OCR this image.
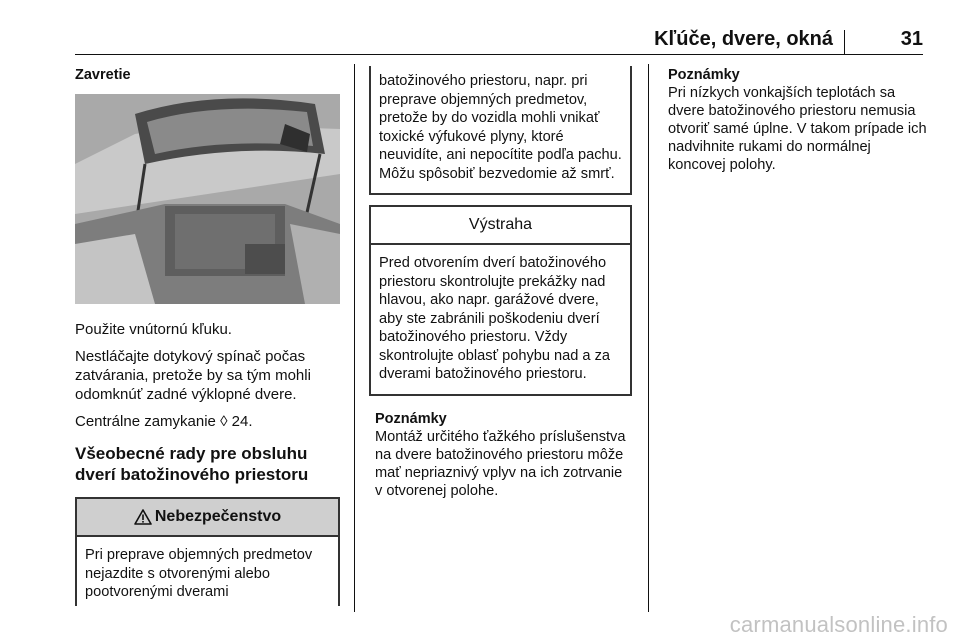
Kľúče, dvere, okná	31
Zavretie
Použite vnútornú kľuku.
Nestláčajte dotykový spínač počas zatvárania, pretože by sa tým mohli odomknúť zadné výklopné dvere.
Centrálne zamykanie ◊ 24.
Všeobecné rady pre obsluhu dverí batožinového priestoru
Nebezpečenstvo
Pri preprave objemných predmetov nejazdite s otvorenými alebo pootvorenými dverami
batožinového priestoru, napr. pri preprave objemných predmetov, pretože by do vozidla mohli vnikať toxické výfukové plyny, ktoré neuvidíte, ani nepocítite podľa pachu. Môžu spôsobiť bezvedomie až smrť.
Výstraha
Pred otvorením dverí batožinového priestoru skontrolujte prekážky nad hlavou, ako napr. garážové dvere, aby ste zabránili poškodeniu dverí batožinového priestoru. Vždy skontrolujte oblasť pohybu nad a za dverami batožinového priestoru.
Poznámky
Montáž určitého ťažkého príslušenstva na dvere batožinového priestoru môže mať nepriaznivý vplyv na ich zotrvanie v otvorenej polohe.
Poznámky
Pri nízkych vonkajších teplotách sa dvere batožinového priestoru nemusia otvoriť samé úplne. V takom prípade ich nadvihnite rukami do normálnej koncovej polohy.
carmanualsonline.info
